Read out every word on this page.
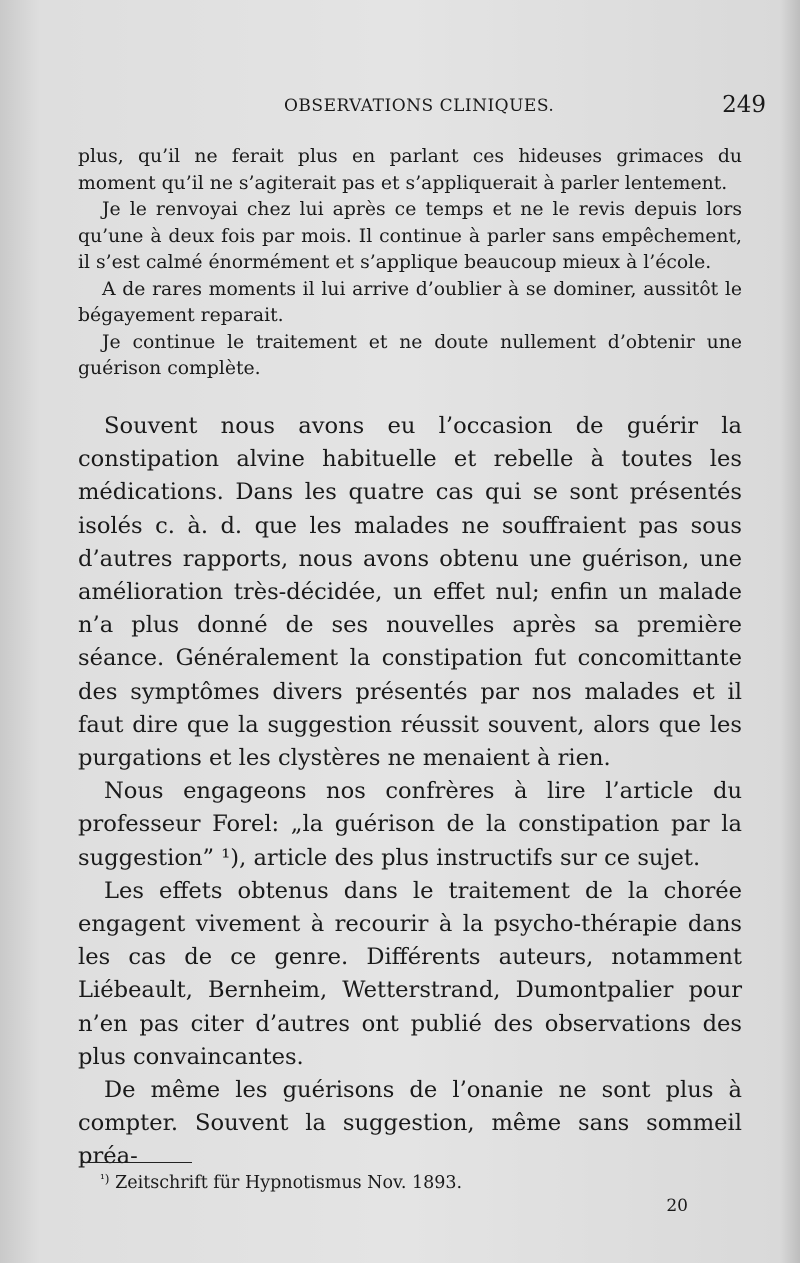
OBSERVATIONS CLINIQUES.	249

plus, qu’il ne ferait plus en parlant ces hideuses grimaces du moment qu’il ne s’agiterait pas et s’appliquerait à parler lentement.

Je le renvoyai chez lui après ce temps et ne le revis depuis lors qu’une à deux fois par mois. Il continue à parler sans empêchement, il s’est calmé énormément et s’applique beaucoup mieux à l’école.

A de rares moments il lui arrive d’oublier à se dominer, aussitôt le bégayement reparait.

Je continue le traitement et ne doute nullement d’obtenir une guérison complète.

Souvent nous avons eu l’occasion de guérir la constipation alvine habituelle et rebelle à toutes les médications. Dans les quatre cas qui se sont présentés isolés c. à. d. que les malades ne souffraient pas sous d’autres rapports, nous avons obtenu une guérison, une amélioration très-décidée, un effet nul; enfin un malade n’a plus donné de ses nouvelles après sa première séance. Généralement la constipation fut concomittante des symptômes divers présentés par nos malades et il faut dire que la suggestion réussit souvent, alors que les purgations et les clystères ne menaient à rien.

Nous engageons nos confrères à lire l’article du professeur Forel: „la guérison de la constipation par la suggestion” ¹), article des plus instructifs sur ce sujet.

Les effets obtenus dans le traitement de la chorée engagent vivement à recourir à la psycho-thérapie dans les cas de ce genre. Différents auteurs, notamment Liébeault, Bernheim, Wetterstrand, Dumontpalier pour n’en pas citer d’autres ont publié des observations des plus convaincantes.

De même les guérisons de l’onanie ne sont plus à compter. Souvent la suggestion, même sans sommeil préa-

$^{^1)}$ Zeitschrift für Hypnotismus Nov. 1893.
20
